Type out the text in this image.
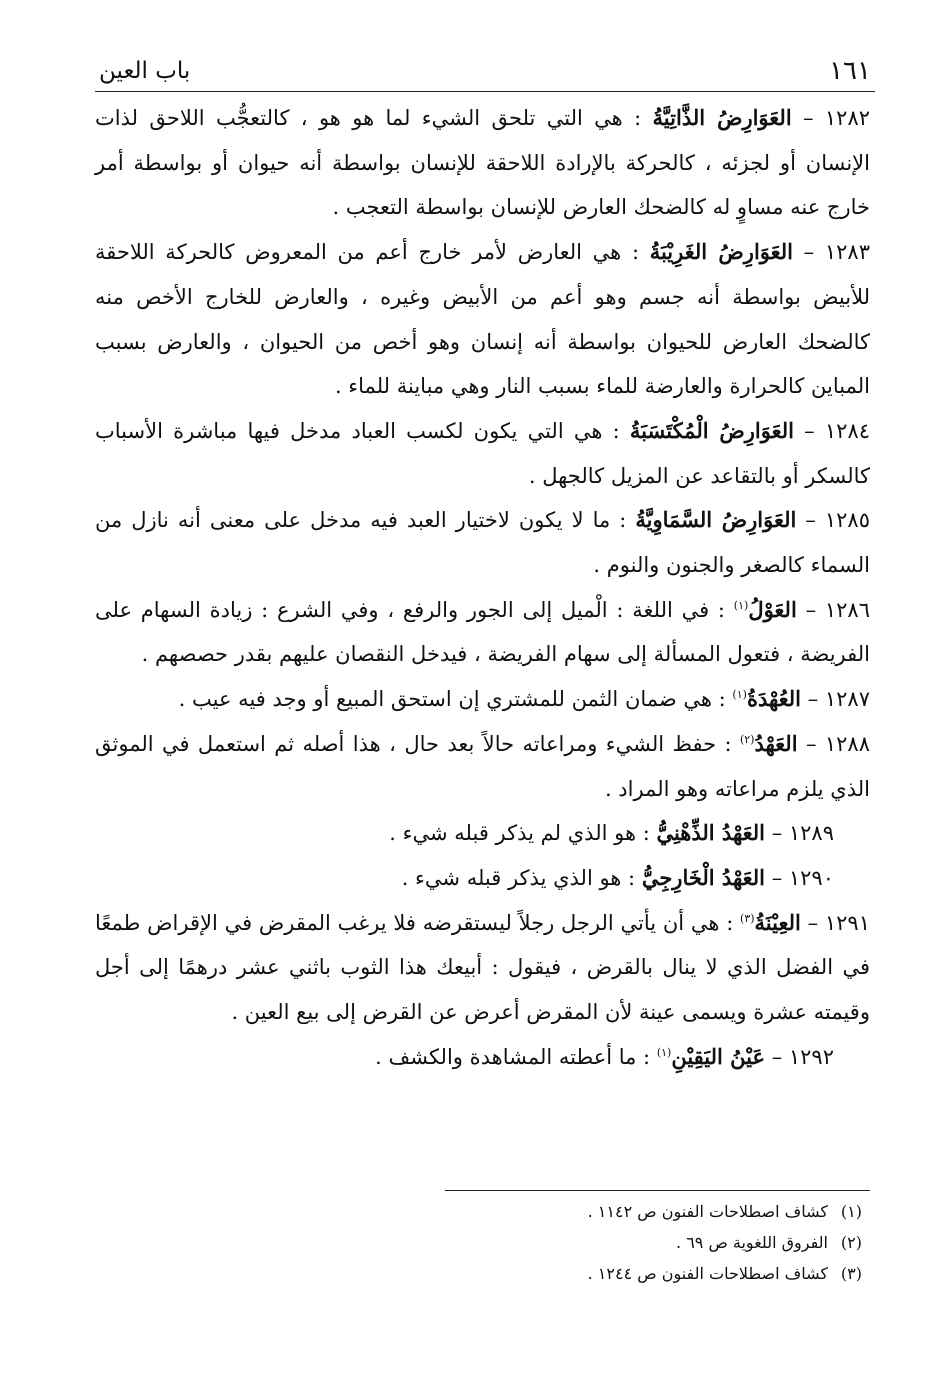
١٦١
باب العين

١٢٨٢ – العَوَارِضُ الذَّاتِيَّةُ : هي التي تلحق الشيء لما هو هو ، كالتعجُّب اللاحق لذات الإنسان أو لجزئه ، كالحركة بالإرادة اللاحقة للإنسان بواسطة أنه حيوان أو بواسطة أمر خارج عنه مساوٍ له كالضحك العارض للإنسان بواسطة التعجب .

١٢٨٣ – العَوَارِضُ الغَرِيْبَةُ : هي العارض لأمر خارج أعم من المعروض كالحركة اللاحقة للأبيض بواسطة أنه جسم وهو أعم من الأبيض وغيره ، والعارض للخارج الأخص منه كالضحك العارض للحيوان بواسطة أنه إنسان وهو أخص من الحيوان ، والعارض بسبب المباين كالحرارة والعارضة للماء بسبب النار وهي مباينة للماء .

١٢٨٤ – العَوَارِضُ الْمُكْتَسَبَةُ : هي التي يكون لكسب العباد مدخل فيها مباشرة الأسباب كالسكر أو بالتقاعد عن المزيل كالجهل .

١٢٨٥ – العَوَارِضُ السَّمَاوِيَّةُ : ما لا يكون لاختيار العبد فيه مدخل على معنى أنه نازل من السماء كالصغر والجنون والنوم .

١٢٨٦ – العَوْلُ$^{(١)}$ : في اللغة : الْميل إلى الجور والرفع ، وفي الشرع : زيادة السهام على الفريضة ، فتعول المسألة إلى سهام الفريضة ، فيدخل النقصان عليهم بقدر حصصهم .

١٢٨٧ – العُهْدَةُ$^{(١)}$ : هي ضمان الثمن للمشتري إن استحق المبيع أو وجد فيه عيب .

١٢٨٨ – العَهْدُ$^{(٢)}$ : حفظ الشيء ومراعاته حالاً بعد حال ، هذا أصله ثم استعمل في الموثق الذي يلزم مراعاته وهو المراد .

١٢٨٩ – العَهْدُ الذِّهْنِيُّ : هو الذي لم يذكر قبله شيء .

١٢٩٠ – العَهْدُ الْخَارِجِيُّ : هو الذي يذكر قبله شيء .

١٢٩١ – العِيْنَةُ$^{(٣)}$ : هي أن يأتي الرجل رجلاً ليستقرضه فلا يرغب المقرض في الإقراض طمعًا في الفضل الذي لا ينال بالقرض ، فيقول : أبيعك هذا الثوب باثني عشر درهمًا إلى أجل وقيمته عشرة ويسمى عينة لأن المقرض أعرض عن القرض إلى بيع العين .

١٢٩٢ – عَيْنُ اليَقِيْنِ$^{(١)}$ : ما أعطته المشاهدة والكشف .

(١)كشاف اصطلاحات الفنون ص ١١٤٢ .

(٢)الفروق اللغوية ص ٦٩ .

(٣)كشاف اصطلاحات الفنون ص ١٢٤٤ .
